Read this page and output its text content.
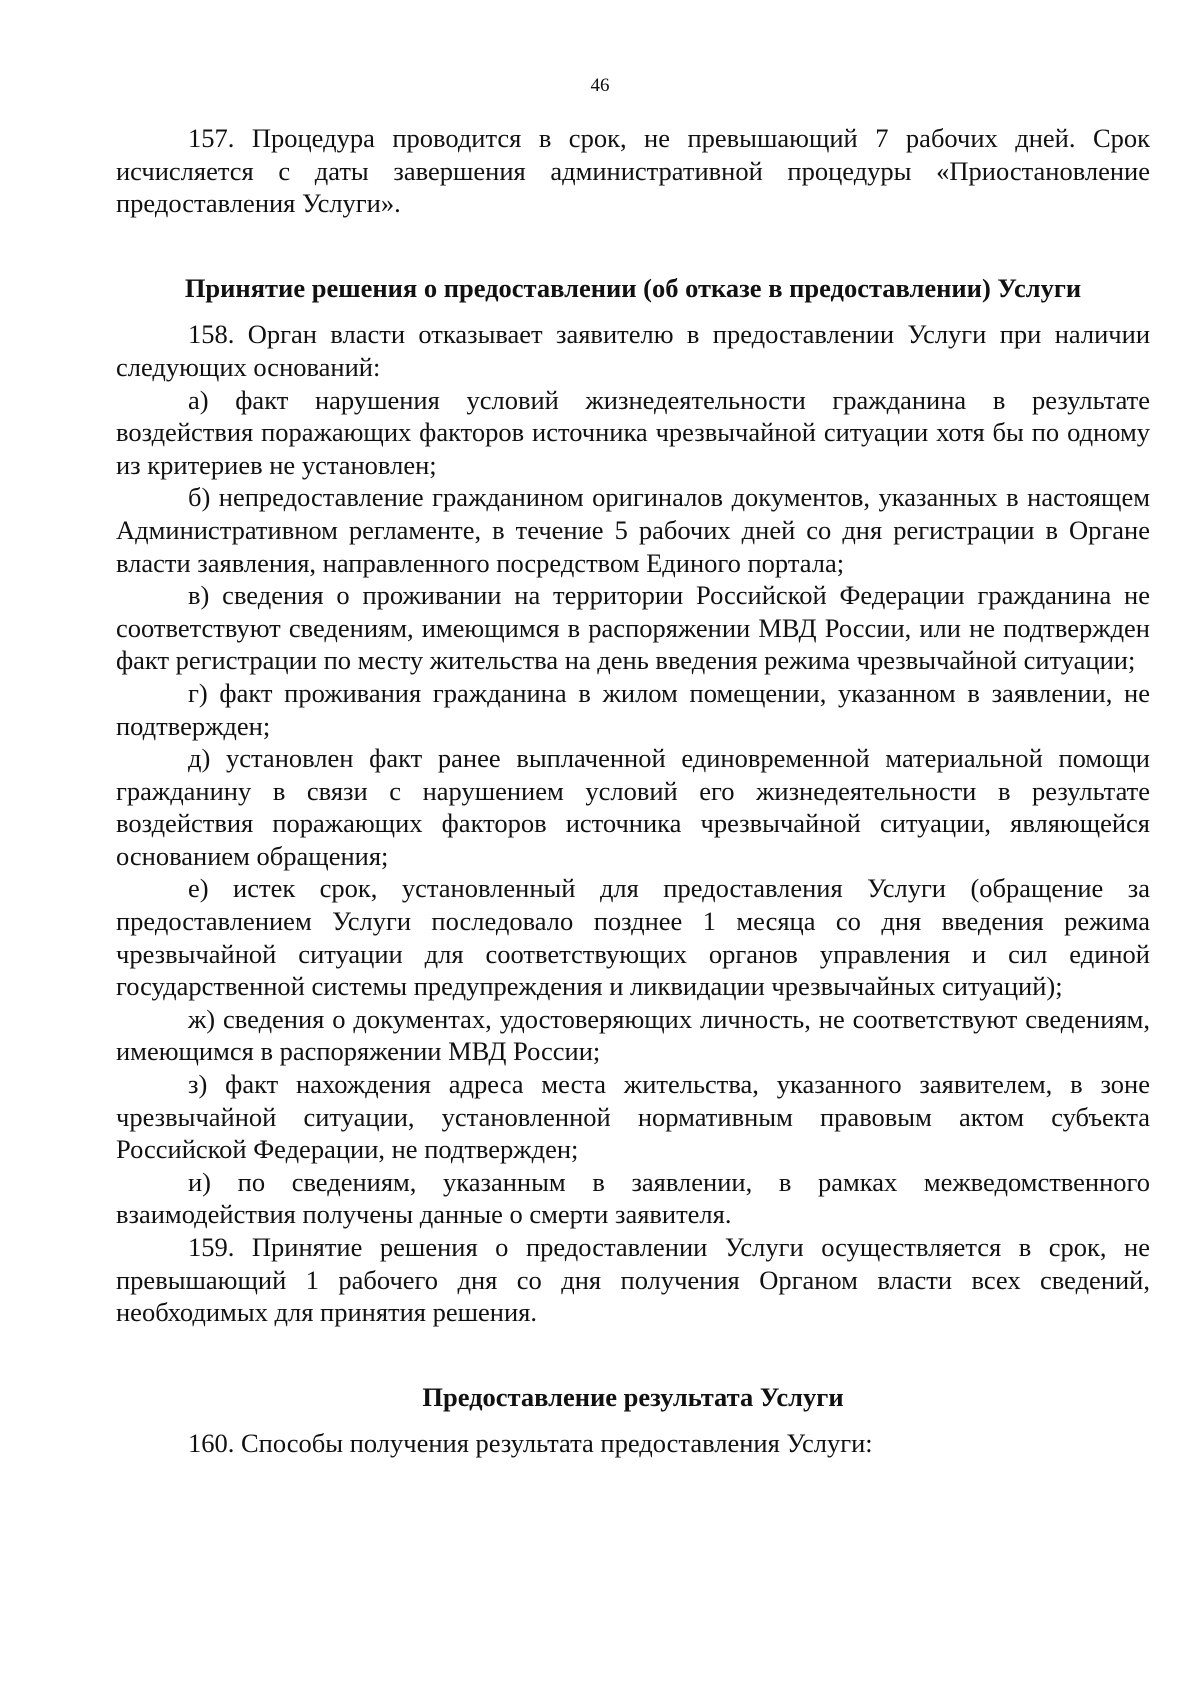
46

157. Процедура проводится в срок, не превышающий 7 рабочих дней. Срок исчисляется с даты завершения административной процедуры «Приостановление предоставления Услуги».

Принятие решения о предоставлении (об отказе в предоставлении) Услуги

158. Орган власти отказывает заявителю в предоставлении Услуги при наличии следующих оснований:

а) факт нарушения условий жизнедеятельности гражданина в результате воздействия поражающих факторов источника чрезвычайной ситуации хотя бы по одному из критериев не установлен;

б) непредоставление гражданином оригиналов документов, указанных в настоящем Административном регламенте, в течение 5 рабочих дней со дня регистрации в Органе власти заявления, направленного посредством Единого портала;

в) сведения о проживании на территории Российской Федерации гражданина не соответствуют сведениям, имеющимся в распоряжении МВД России, или не подтвержден факт регистрации по месту жительства на день введения режима чрезвычайной ситуации;

г) факт проживания гражданина в жилом помещении, указанном в заявлении, не подтвержден;

д) установлен факт ранее выплаченной единовременной материальной помощи гражданину в связи с нарушением условий его жизнедеятельности в результате воздействия поражающих факторов источника чрезвычайной ситуации, являющейся основанием обращения;

е) истек срок, установленный для предоставления Услуги (обращение за предоставлением Услуги последовало позднее 1 месяца со дня введения режима чрезвычайной ситуации для соответствующих органов управления и сил единой государственной системы предупреждения и ликвидации чрезвычайных ситуаций);

ж) сведения о документах, удостоверяющих личность, не соответствуют сведениям, имеющимся в распоряжении МВД России;

з) факт нахождения адреса места жительства, указанного заявителем, в зоне чрезвычайной ситуации, установленной нормативным правовым актом субъекта Российской Федерации, не подтвержден;

и) по сведениям, указанным в заявлении, в рамках межведомственного взаимодействия получены данные о смерти заявителя.

159. Принятие решения о предоставлении Услуги осуществляется в срок, не превышающий 1 рабочего дня со дня получения Органом власти всех сведений, необходимых для принятия решения.

Предоставление результата Услуги

160. Способы получения результата предоставления Услуги:
